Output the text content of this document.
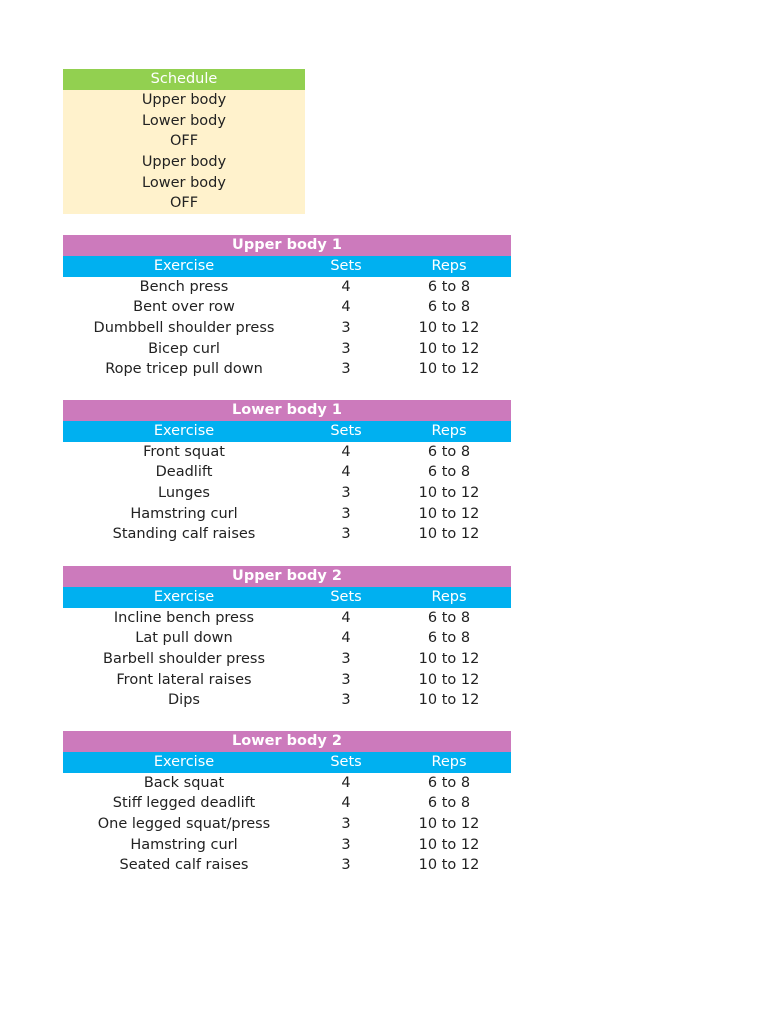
Schedule
Upper body
Lower body
OFF
Upper body
Lower body
OFF
Upper body 1
Exercise	Sets	Reps
Bench press	4	6 to 8
Bent over row	4	6 to 8
Dumbbell shoulder press	3	10 to 12
Bicep curl	3	10 to 12
Rope tricep pull down	3	10 to 12
Lower body 1
Exercise	Sets	Reps
Front squat	4	6 to 8
Deadlift	4	6 to 8
Lunges	3	10 to 12
Hamstring curl	3	10 to 12
Standing calf raises	3	10 to 12
Upper body 2
Exercise	Sets	Reps
Incline bench press	4	6 to 8
Lat pull down	4	6 to 8
Barbell shoulder press	3	10 to 12
Front lateral raises	3	10 to 12
Dips	3	10 to 12
Lower body 2
Exercise	Sets	Reps
Back squat	4	6 to 8
Stiff legged deadlift	4	6 to 8
One legged squat/press	3	10 to 12
Hamstring curl	3	10 to 12
Seated calf raises	3	10 to 12
